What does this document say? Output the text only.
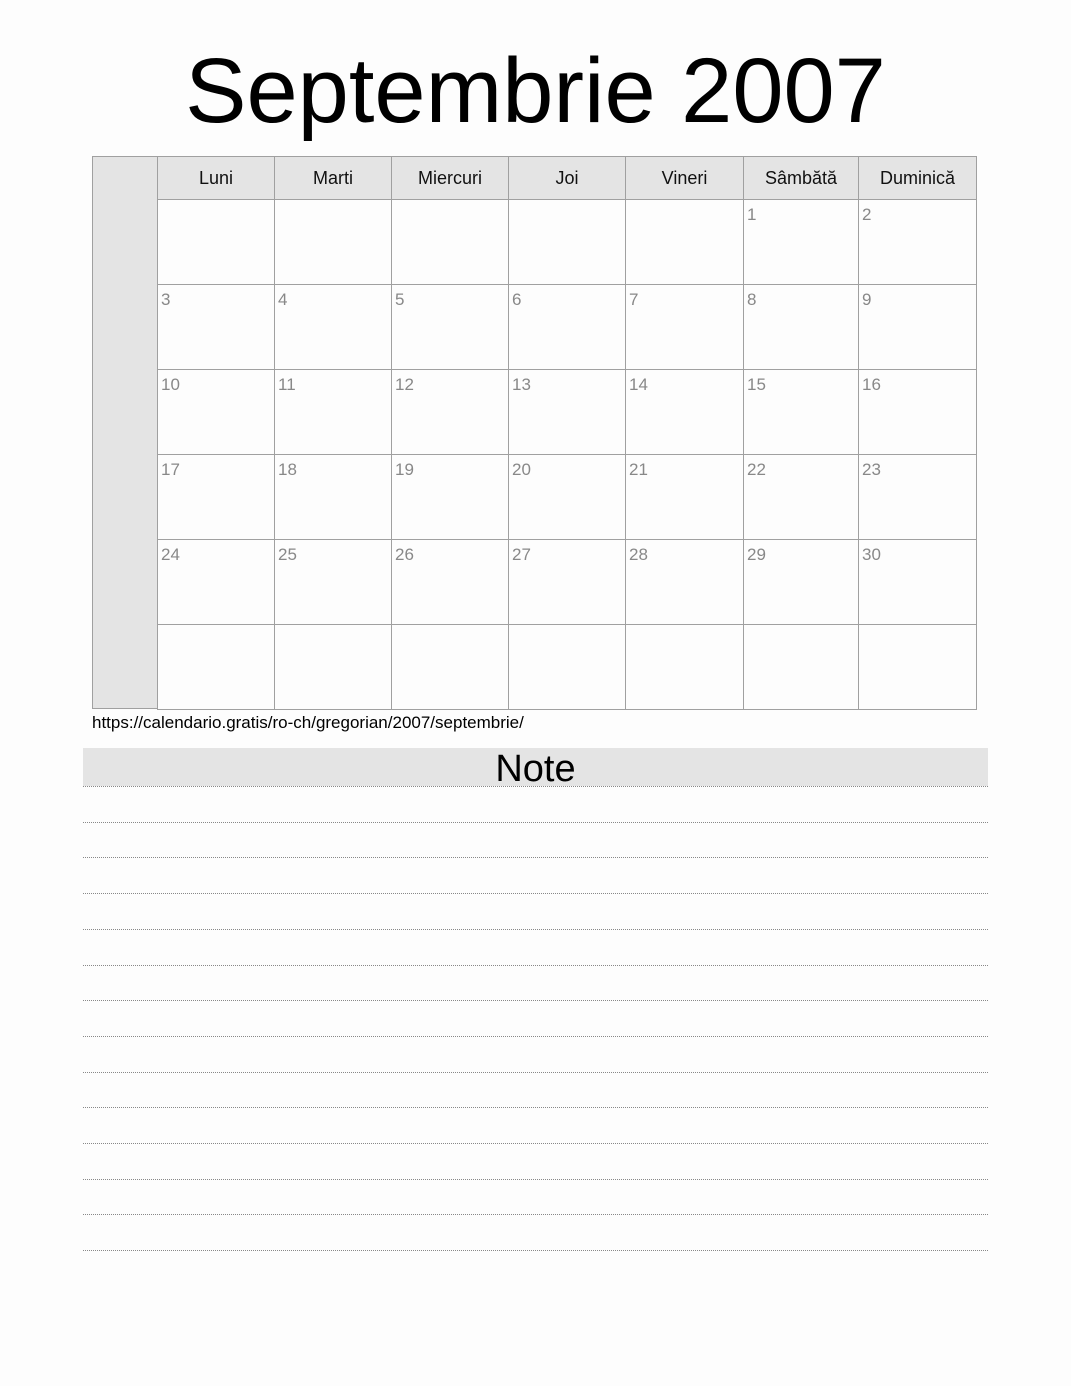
Septembrie 2007
Luni	Marti	Miercuri	Joi	Vineri	Sâmbătă	Duminică

					1	2

3	4	5	6	7	8	9

10	11	12	13	14	15	16

17	18	19	20	21	22	23

24	25	26	27	28	29	30

https://calendario.gratis/ro-ch/gregorian/2007/septembrie/
Note
